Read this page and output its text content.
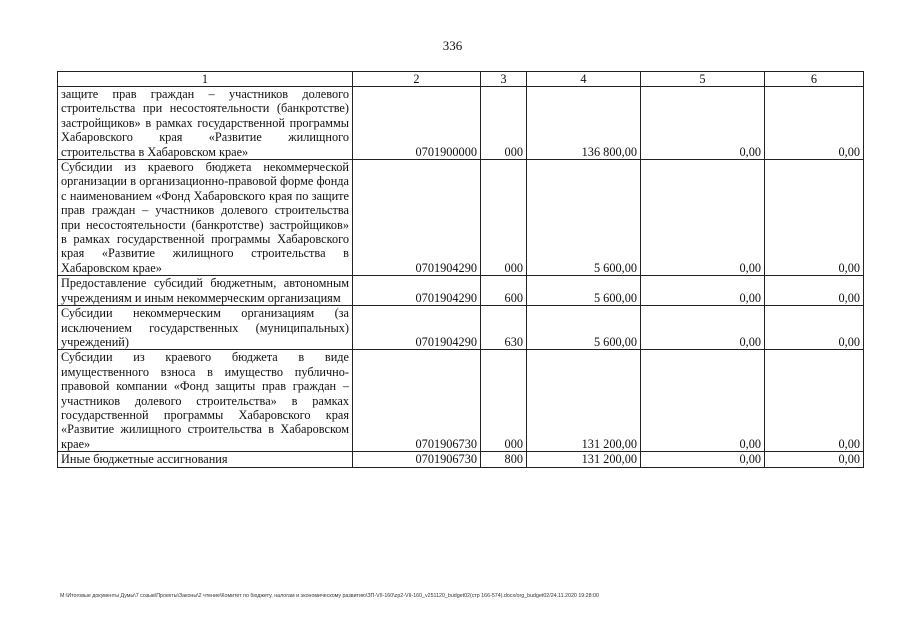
336
1	2	3	4	5	6
защите прав граждан – участников долевого строительства при несостоятельности (банкротстве) застройщиков» в рамках государственной программы Хабаровского края «Развитие жилищного строительства в Хабаровском крае»	0701900000	000	136 800,00	0,00	0,00
Субсидии из краевого бюджета некоммерческой организации в организационно-правовой форме фонда с наименованием «Фонд Хабаровского края по защите прав граждан – участников долевого строительства при несостоятельности (банкротстве) застройщиков» в рамках государственной программы Хабаровского края «Развитие жилищного строительства в Хабаровском крае»	0701904290	000	5 600,00	0,00	0,00
Предоставление субсидий бюджетным, автономным учреждениям и иным некоммерческим организациям	0701904290	600	5 600,00	0,00	0,00
Субсидии некоммерческим организациям (за исключением государственных (муниципальных) учреждений)	0701904290	630	5 600,00	0,00	0,00
Субсидии из краевого бюджета в виде имущественного взноса в имущество публично-правовой компании «Фонд защиты прав граждан – участников долевого строительства» в рамках государственной программы Хабаровского края «Развитие жилищного строительства в Хабаровском крае»	0701906730	000	131 200,00	0,00	0,00
Иные бюджетные ассигнования	0701906730	800	131 200,00	0,00	0,00
M:\Итоговые документы Думы\7 созыв\Проекты\Законы\2 чтение\Комитет по бюджету, налогам и экономическому развитию\ЗП-VII-160\zp2-VII-160_v251120_budget02(стр 166-574).docx/org_budget02/24.11.2020 19:28:00
